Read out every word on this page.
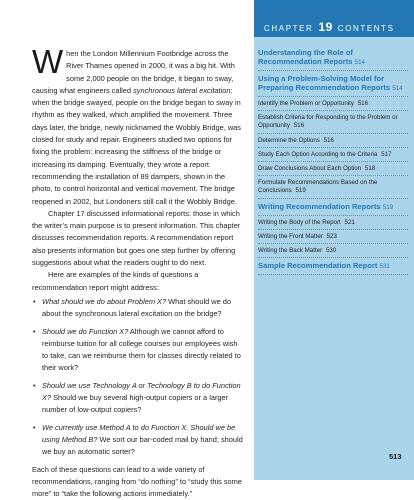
CHAPTER 19 CONTENTS

When the London Millennium Footbridge across the River Thames opened in 2000, it was a big hit. With some 2,000 people on the bridge, it began to sway, causing what engineers called synchronous lateral excitation: when the bridge swayed, people on the bridge began to sway in rhythm as they walked, which amplified the movement. Three days later, the bridge, newly nicknamed the Wobbly Bridge, was closed for study and repair. Engineers studied two options for fixing the problem: increasing the stiffness of the bridge or increasing its damping. Eventually, they wrote a report recommending the installation of 89 dampers, shown in the photo, to control horizontal and vertical movement. The bridge reopened in 2002, but Londoners still call it the Wobbly Bridge.

Chapter 17 discussed informational reports: those in which the writer’s main purpose is to present information. This chapter discusses recommendation reports. A recommendation report also presents information but goes one step further by offering suggestions about what the readers ought to do next.

Here are examples of the kinds of questions a recommendation report might address:

• What should we do about Problem X? What should we do about the synchronous lateral excitation on the bridge?
• Should we do Function X? Although we cannot afford to reimburse tuition for all college courses our employees wish to take, can we reimburse them for classes directly related to their work?
• Should we use Technology A or Technology B to do Function X? Should we buy several high-output copiers or a larger number of low-output copiers?
• We currently use Method A to do Function X. Should we be using Method B? We sort our bar-coded mail by hand; should we buy an automatic sorter?

Each of these questions can lead to a wide variety of recommendations, ranging from “do nothing” to “study this some more” to “take the following actions immediately.”

Understanding the Role of Recommendation Reports 514
Using a Problem-Solving Model for Preparing Recommendation Reports 514
Identify the Problem or Opportunity 516
Establish Criteria for Responding to the Problem or Opportunity 516
Determine the Options 516
Study Each Option According to the Criteria 517
Draw Conclusions About Each Option 518
Formulate Recommendations Based on the Conclusions 519
Writing Recommendation Reports 519
Writing the Body of the Report 521
Writing the Front Matter 523
Writing the Back Matter 530
Sample Recommendation Report 531
513
